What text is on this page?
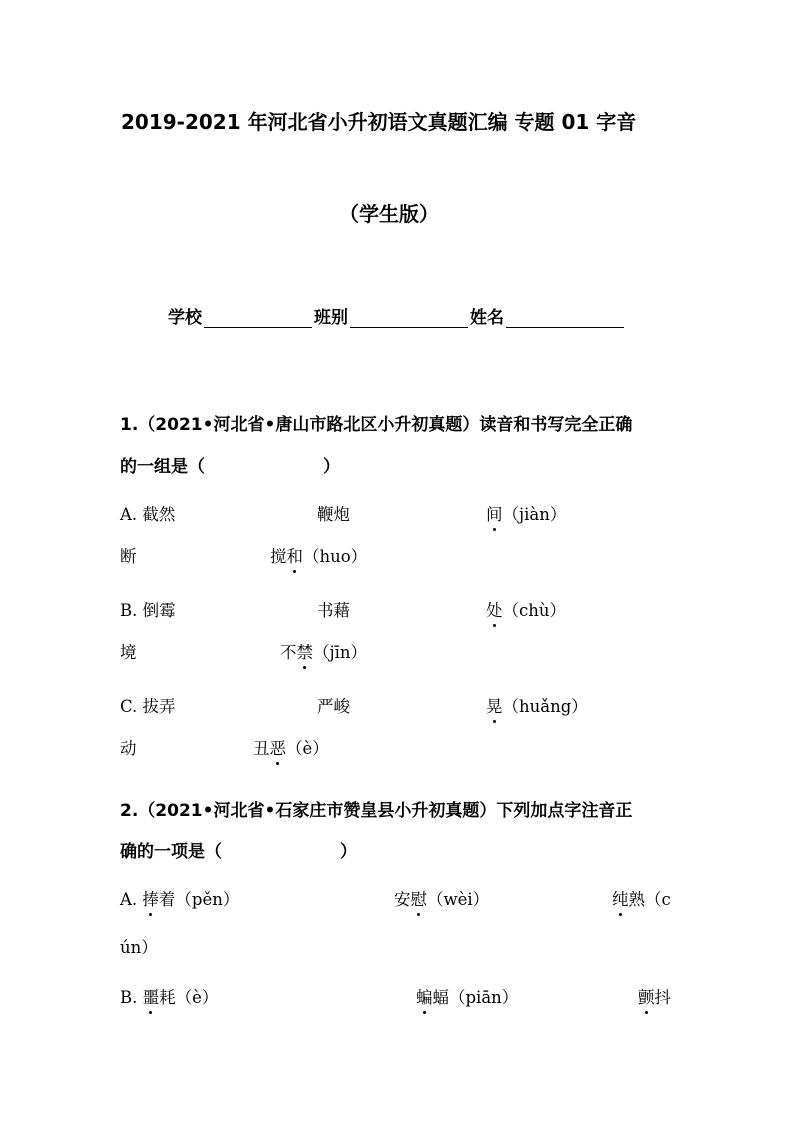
2019-2021 年河北省小升初语文真题汇编 专题 01 字音
（学生版）
学校	班别	姓名
1.（2021•河北省•唐山市路北区小升初真题）读音和书写完全正确
的一组是（	）
A. 截然	鞭炮	间（jiàn）
断	搅和（huo）
B. 倒霉	书藉	处（chù）
境	不禁（jīn）
C. 拔弄	严峻	晃（huǎng）
动	丑恶（è）
2.（2021•河北省•石家庄市赞皇县小升初真题）下列加点字注音正
确的一项是（	）
A. 捧着（pěn）	安慰（wèi）	纯熟（c
ún）
B. 噩耗（è）	蝙蝠（piān）	颤抖
